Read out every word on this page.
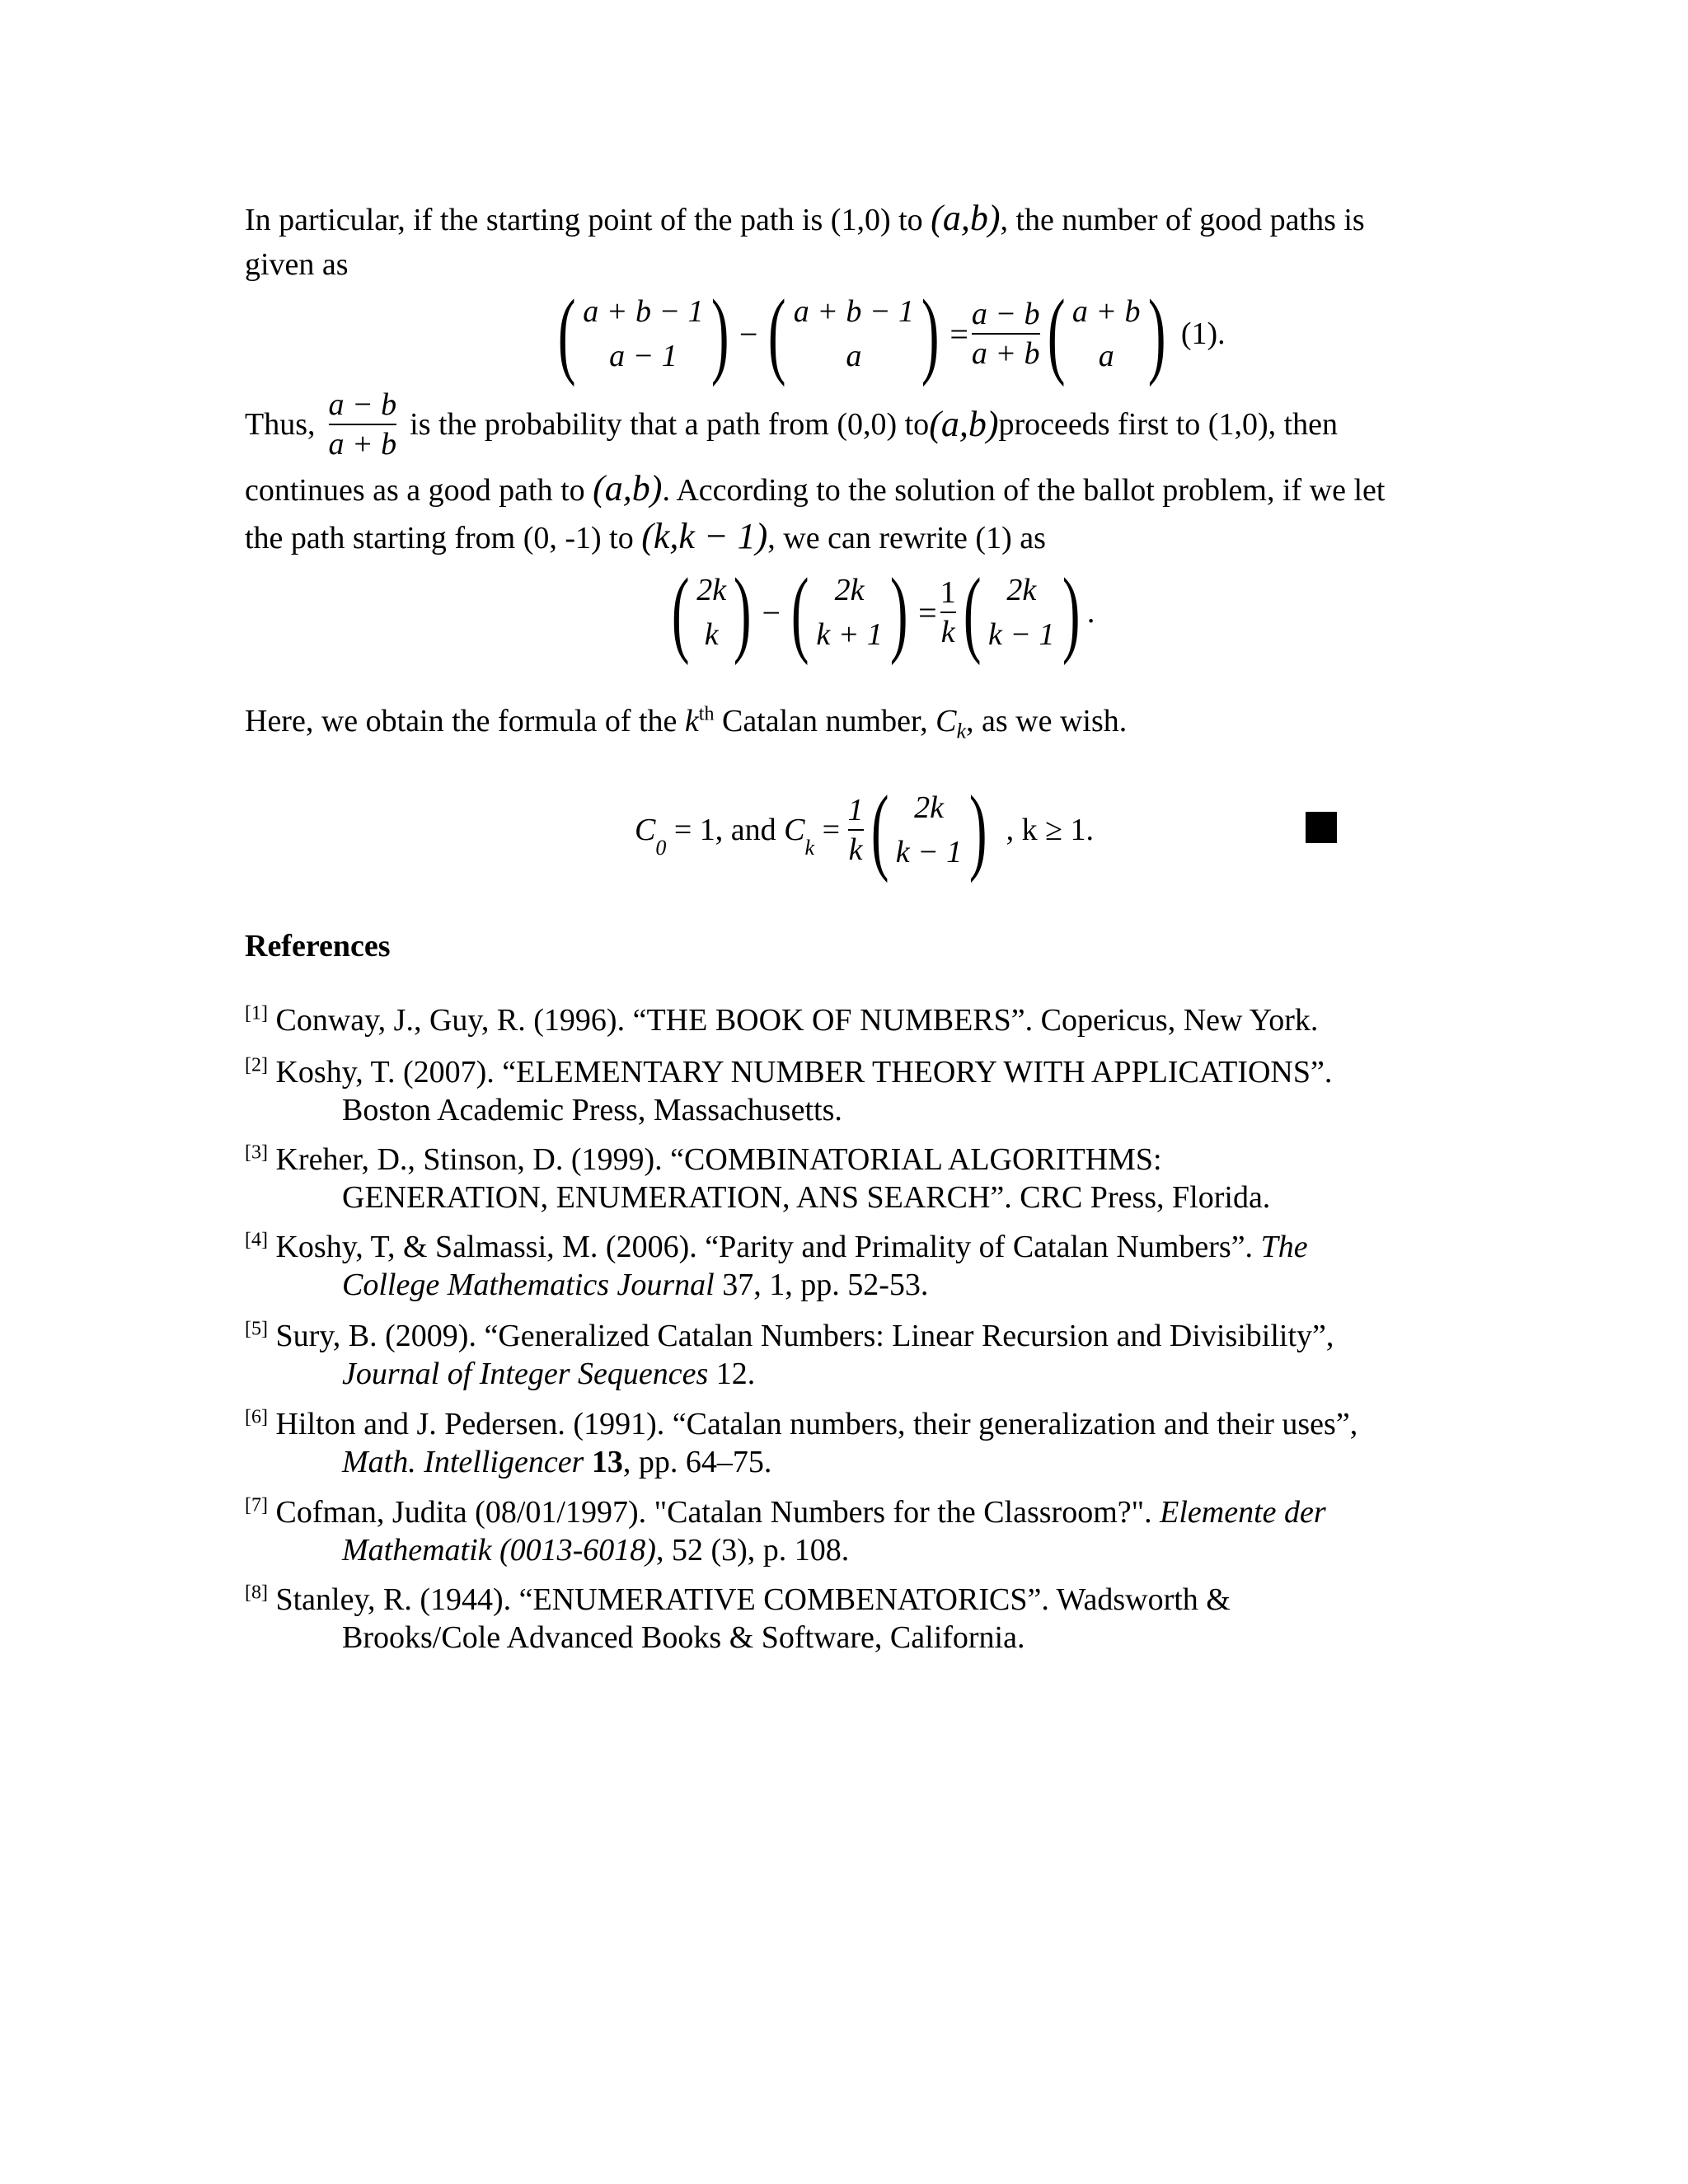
In particular, if the starting point of the path is (1,0) to (a,b), the number of good paths is
given as
( a + b − 1
a − 1 ) − ( a + b − 1
a ) = $\frac{a - b}{a + b}$ ( a + b
a ) (1).
Thus, $\frac{a - b}{a + b}$ is the probability that a path from (0,0) to (a,b) proceeds first to (1,0), then
continues as a good path to (a,b). According to the solution of the ballot problem, if we let
the path starting from (0, -1) to (k,k − 1), we can rewrite (1) as
( 2k
k ) − ( 2k
k + 1 ) = $\frac{1}{k}$ ( 2k
k − 1 ) .
Here, we obtain the formula of the $k^{th}$ Catalan number, $C_k$, as we wish.
C
0
= 1, and C
k
= $\frac{1}{k}$ ( 2k
k − 1 ) , k ≥ 1.
References
[1] Conway, J., Guy, R. (1996). “THE BOOK OF NUMBERS”. Copericus, New York.
[2] Koshy, T. (2007). “ELEMENTARY NUMBER THEORY WITH APPLICATIONS”.
Boston Academic Press, Massachusetts.
[3] Kreher, D., Stinson, D. (1999). “COMBINATORIAL ALGORITHMS:
GENERATION, ENUMERATION, ANS SEARCH”. CRC Press, Florida.
[4] Koshy, T, & Salmassi, M. (2006). “Parity and Primality of Catalan Numbers”. The
College Mathematics Journal 37, 1, pp. 52-53.
[5] Sury, B. (2009). “Generalized Catalan Numbers: Linear Recursion and Divisibility”,
Journal of Integer Sequences 12.
[6] Hilton and J. Pedersen. (1991). “Catalan numbers, their generalization and their uses”,
Math. Intelligencer 13, pp. 64–75.
[7] Cofman, Judita (08/01/1997). "Catalan Numbers for the Classroom?". Elemente der
Mathematik (0013-6018), 52 (3), p. 108.
[8] Stanley, R. (1944). “ENUMERATIVE COMBENATORICS”. Wadsworth &
Brooks/Cole Advanced Books & Software, California.
